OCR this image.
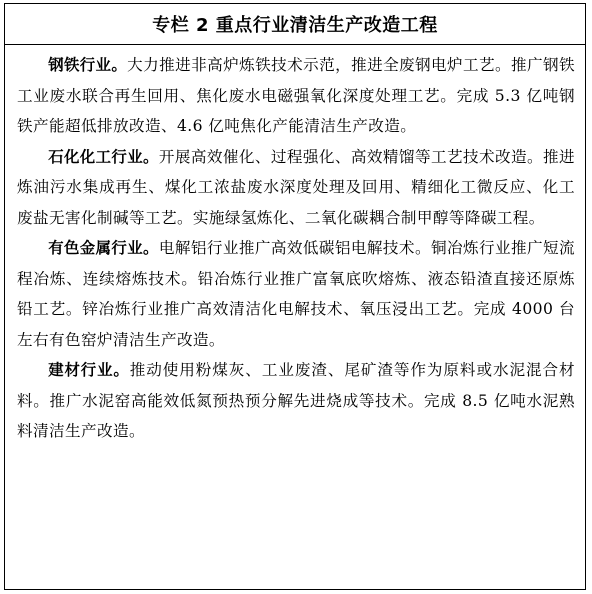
专栏 2 重点行业清洁生产改造工程

钢铁行业。大力推进非高炉炼铁技术示范，推进全废钢电炉工艺。推广钢铁工业废水联合再生回用、焦化废水电磁强氧化深度处理工艺。完成 5.3 亿吨钢铁产能超低排放改造、4.6 亿吨焦化产能清洁生产改造。

石化化工行业。开展高效催化、过程强化、高效精馏等工艺技术改造。推进炼油污水集成再生、煤化工浓盐废水深度处理及回用、精细化工微反应、化工废盐无害化制碱等工艺。实施绿氢炼化、二氧化碳耦合制甲醇等降碳工程。

有色金属行业。电解铝行业推广高效低碳铝电解技术。铜冶炼行业推广短流程冶炼、连续熔炼技术。铅冶炼行业推广富氧底吹熔炼、液态铅渣直接还原炼铅工艺。锌冶炼行业推广高效清洁化电解技术、氧压浸出工艺。完成 4000 台左右有色窑炉清洁生产改造。

建材行业。推动使用粉煤灰、工业废渣、尾矿渣等作为原料或水泥混合材料。推广水泥窑高能效低氮预热预分解先进烧成等技术。完成 8.5 亿吨水泥熟料清洁生产改造。
